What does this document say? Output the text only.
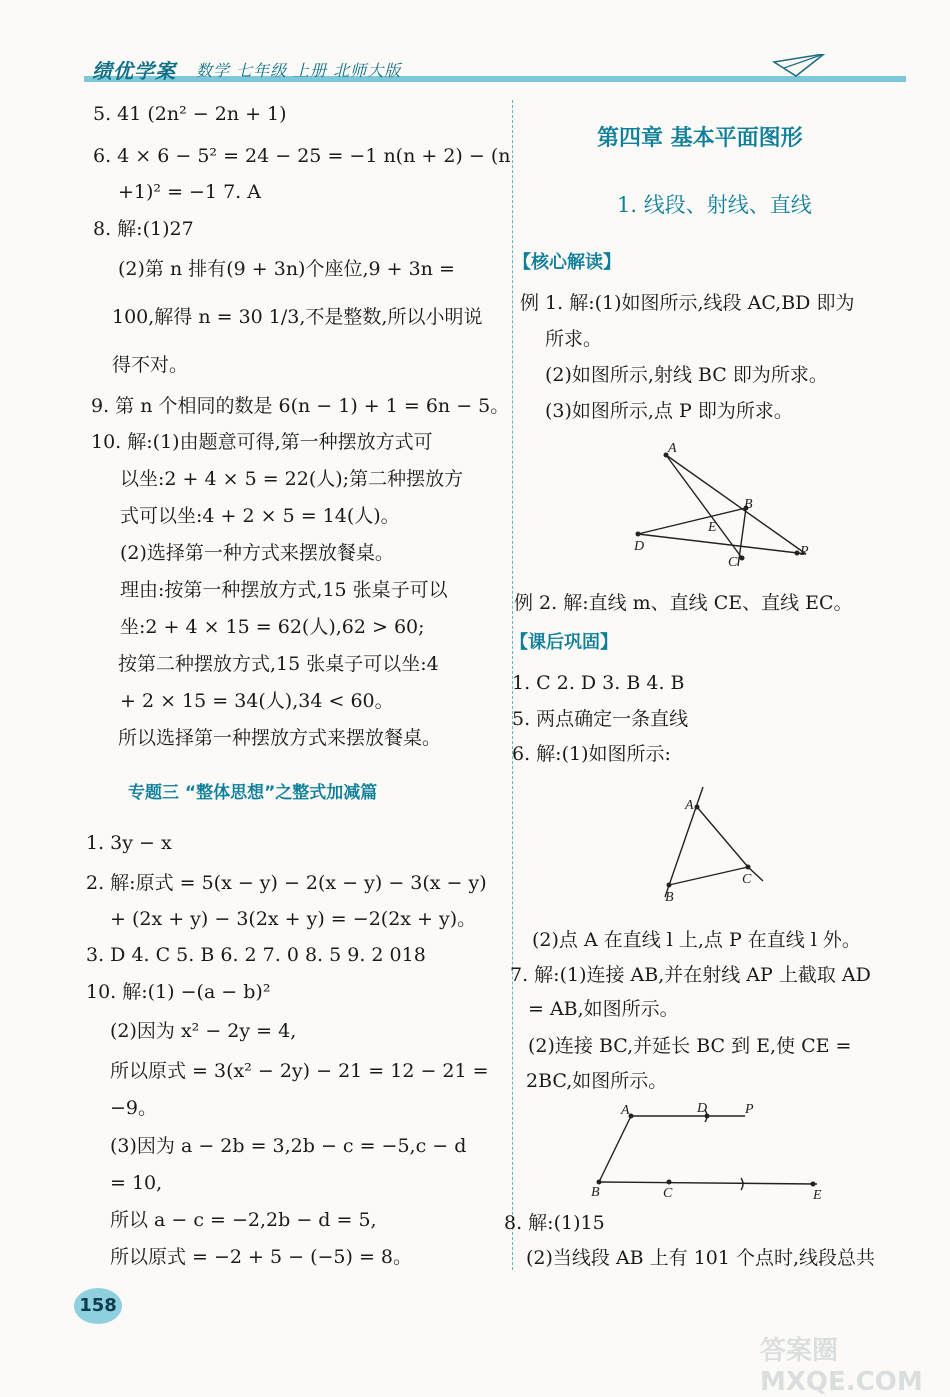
绩优学案 数学 七年级 上册 北师大版
5. 41 (2n² − 2n + 1)
6. 4 × 6 − 5² = 24 − 25 = −1 n(n + 2) − (n
+1)² = −1 7. A
8. 解:(1)27
(2)第 n 排有(9 + 3n)个座位,9 + 3n =
100,解得 n = 30 1/3,不是整数,所以小明说
得不对。
9. 第 n 个相同的数是 6(n − 1) + 1 = 6n − 5。
10. 解:(1)由题意可得,第一种摆放方式可
以坐:2 + 4 × 5 = 22(人);第二种摆放方
式可以坐:4 + 2 × 5 = 14(人)。
(2)选择第一种方式来摆放餐桌。
理由:按第一种摆放方式,15 张桌子可以
坐:2 + 4 × 15 = 62(人),62 > 60;
按第二种摆放方式,15 张桌子可以坐:4
+ 2 × 15 = 34(人),34 < 60。
所以选择第一种摆放方式来摆放餐桌。
专题三 “整体思想”之整式加减篇
1. 3y − x
2. 解:原式 = 5(x − y) − 2(x − y) − 3(x − y)
+ (2x + y) − 3(2x + y) = −2(2x + y)。
3. D 4. C 5. B 6. 2 7. 0 8. 5 9. 2 018
10. 解:(1) −(a − b)²
(2)因为 x² − 2y = 4,
所以原式 = 3(x² − 2y) − 21 = 12 − 21 =
−9。
(3)因为 a − 2b = 3,2b − c = −5,c − d
= 10,
所以 a − c = −2,2b − d = 5,
所以原式 = −2 + 5 − (−5) = 8。
第四章 基本平面图形
1. 线段、射线、直线
【核心解读】
例 1. 解:(1)如图所示,线段 AC,BD 即为
所求。
(2)如图所示,射线 BC 即为所求。
(3)如图所示,点 P 即为所求。
A
B
C
D
E
P
例 2. 解:直线 m、直线 CE、直线 EC。
【课后巩固】
1. C 2. D 3. B 4. B
5. 两点确定一条直线
6. 解:(1)如图所示:
A
B
C
(2)点 A 在直线 l 上,点 P 在直线 l 外。
7. 解:(1)连接 AB,并在射线 AP 上截取 AD
= AB,如图所示。
(2)连接 BC,并延长 BC 到 E,使 CE =
2BC,如图所示。
A	D	P
B	C	E
8. 解:(1)15
(2)当线段 AB 上有 101 个点时,线段总共
158
答案圈 MXQE.COM
